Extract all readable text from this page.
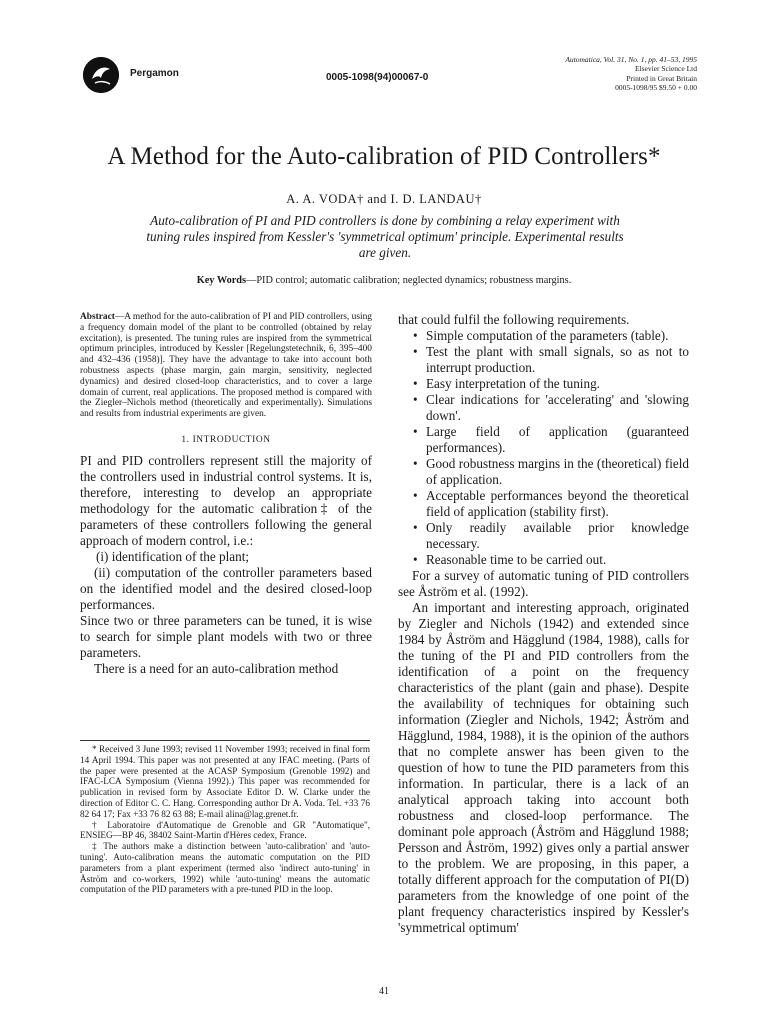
Pergamon	0005-1098(94)00067-0
Automatica, Vol. 31, No. 1, pp. 41–53, 1995
Elsevier Science Ltd
Printed in Great Britain
0005-1098/95 $9.50 + 0.00
A Method for the Auto-calibration of PID Controllers*
A. A. VODA† and I. D. LANDAU†
Auto-calibration of PI and PID controllers is done by combining a relay experiment with tuning rules inspired from Kessler's 'symmetrical optimum' principle. Experimental results are given.
Key Words—PID control; automatic calibration; neglected dynamics; robustness margins.

Abstract—A method for the auto-calibration of PI and PID controllers, using a frequency domain model of the plant to be controlled (obtained by relay excitation), is presented. The tuning rules are inspired from the symmetrical optimum principles, introduced by Kessler [Regelungstetechnik, 6, 395–400 and 432–436 (1958)]. They have the advantage to take into account both robustness aspects (phase margin, gain margin, sensitivity, neglected dynamics) and desired closed-loop characteristics, and to cover a large domain of current, real applications. The proposed method is compared with the Ziegler–Nichols method (theoretically and experimentally). Simulations and results from industrial experiments are given.

1. INTRODUCTION

PI and PID controllers represent still the majority of the controllers used in industrial control systems. It is, therefore, interesting to develop an appropriate methodology for the automatic calibration‡ of the parameters of these controllers following the general approach of modern control, i.e.:

(i) identification of the plant;

(ii) computation of the controller parameters based on the identified model and the desired closed-loop performances.

Since two or three parameters can be tuned, it is wise to search for simple plant models with two or three parameters.

There is a need for an auto-calibration method

* Received 3 June 1993; revised 11 November 1993; received in final form 14 April 1994. This paper was not presented at any IFAC meeting. (Parts of the paper were presented at the ACASP Symposium (Grenoble 1992) and IFAC-LCA Symposium (Vienna 1992).) This paper was recommended for publication in revised form by Associate Editor D. W. Clarke under the direction of Editor C. C. Hang. Corresponding author Dr A. Voda. Tel. +33 76 82 64 17; Fax +33 76 82 63 88; E-mail alina@lag.grenet.fr.

† Laboratoire d'Automatique de Grenoble and GR "Automatique", ENSIEG—BP 46, 38402 Saint-Martin d'Hères cedex, France.

‡ The authors make a distinction between 'auto-calibration' and 'auto-tuning'. Auto-calibration means the automatic computation on the PID parameters from a plant experiment (termed also 'indirect auto-tuning' in Åström and co-workers, 1992) while 'auto-tuning' means the automatic computation of the PID parameters with a pre-tuned PID in the loop.

that could fulfil the following requirements.

• Simple computation of the parameters (table).

• Test the plant with small signals, so as not to interrupt production.

• Easy interpretation of the tuning.

• Clear indications for 'accelerating' and 'slowing down'.

• Large field of application (guaranteed performances).

• Good robustness margins in the (theoretical) field of application.

• Acceptable performances beyond the theoretical field of application (stability first).

• Only readily available prior knowledge necessary.

• Reasonable time to be carried out.

For a survey of automatic tuning of PID controllers see Åström et al. (1992).

An important and interesting approach, originated by Ziegler and Nichols (1942) and extended since 1984 by Åström and Hägglund (1984, 1988), calls for the tuning of the PI and PID controllers from the identification of a point on the frequency characteristics of the plant (gain and phase). Despite the availability of techniques for obtaining such information (Ziegler and Nichols, 1942; Åström and Hägglund, 1984, 1988), it is the opinion of the authors that no complete answer has been given to the question of how to tune the PID parameters from this information. In particular, there is a lack of an analytical approach taking into account both robustness and closed-loop performance. The dominant pole approach (Åström and Hägglund 1988; Persson and Åström, 1992) gives only a partial answer to the problem. We are proposing, in this paper, a totally different approach for the computation of PI(D) parameters from the knowledge of one point of the plant frequency characteristics inspired by Kessler's 'symmetrical optimum'

41
